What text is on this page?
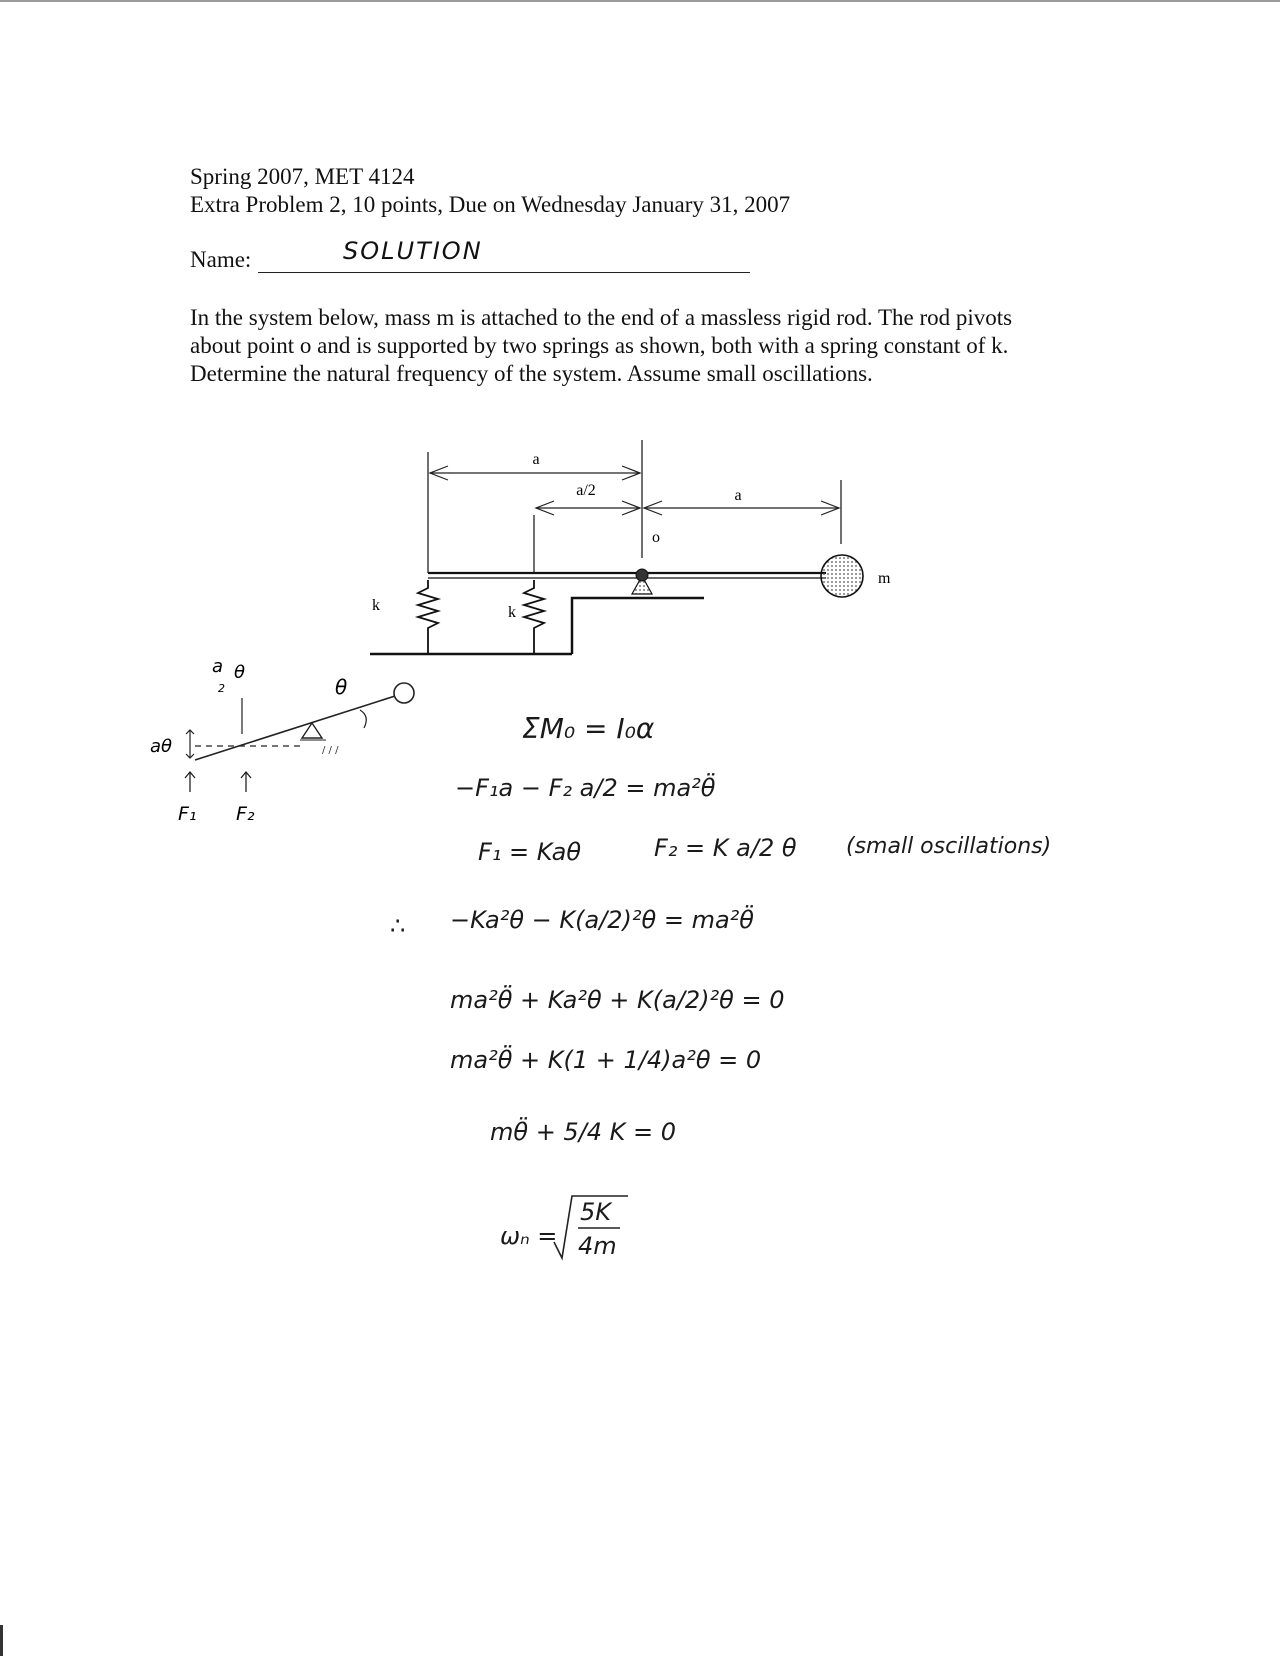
Spring 2007, MET 4124
Extra Problem 2, 10 points, Due on Wednesday January 31, 2007
Name:	SOLUTION
In the system below, mass m is attached to the end of a massless rigid rod. The rod pivots
about point o and is supported by two springs as shown, both with a spring constant of k.
Determine the natural frequency of the system. Assume small oscillations.
a
a/2	a
o
m
k	k
/ / /
θ
a θ
2
aθ
F₁ F₂
ΣM₀ = I₀α
−F₁a − F₂ a/2 = ma²θ̈
F₁ = Kaθ	F₂ = K a/2 θ (small oscillations)
∴ −Ka²θ − K(a/2)²θ = ma²θ̈
ma²θ̈ + Ka²θ + K(a/2)²θ = 0
ma²θ̈ + K(1 + 1/4)a²θ = 0
mθ̈ + 5/4 K = 0
ωₙ =
5K
4m
